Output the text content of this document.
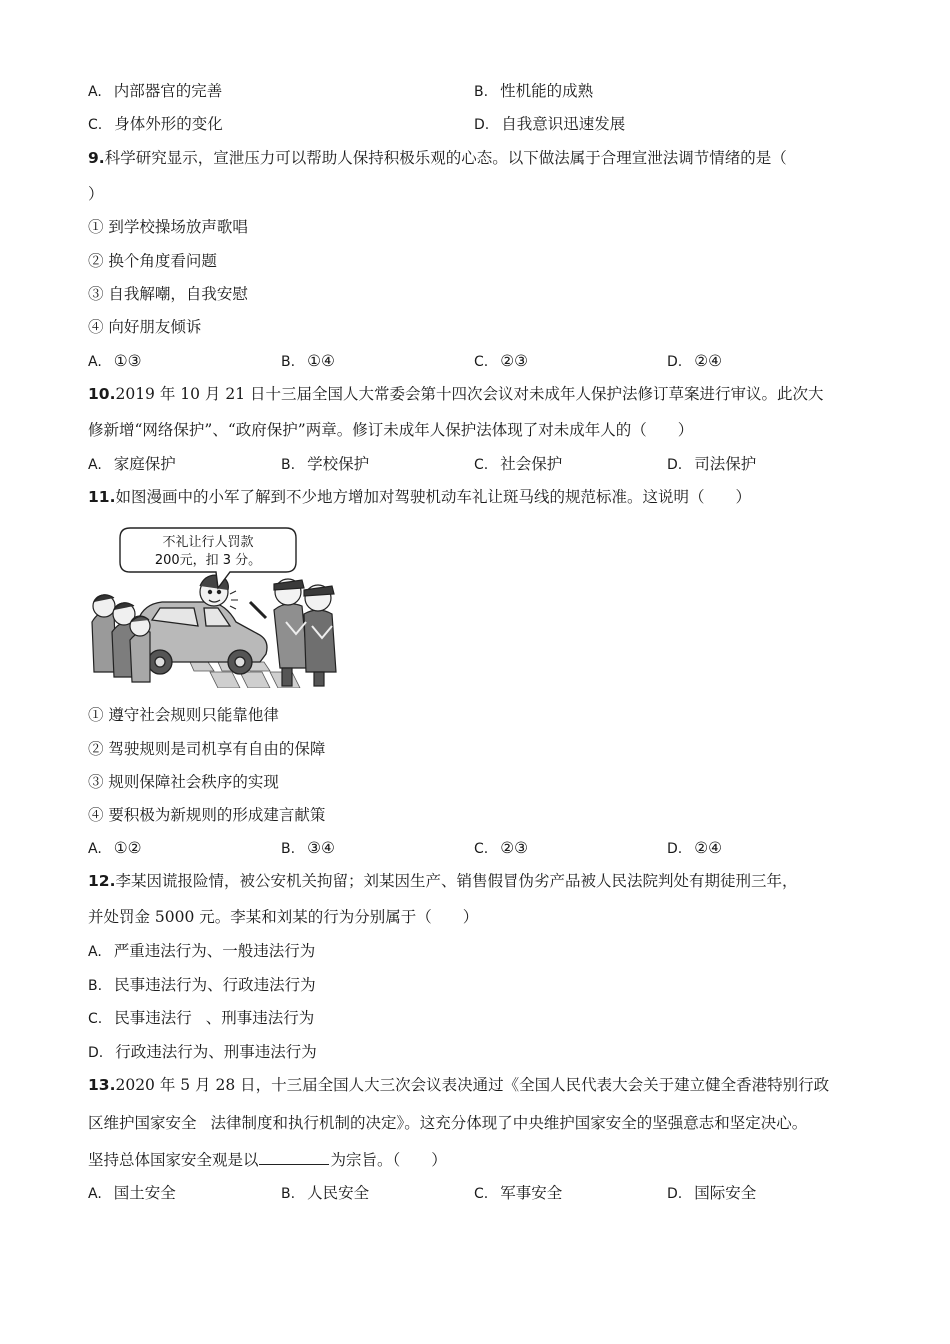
A. 内部器官的完善	B. 性机能的成熟
C. 身体外形的变化	D. 自我意识迅速发展
9.科学研究显示，宣泄压力可以帮助人保持积极乐观的心态。以下做法属于合理宣泄法调节情绪的是（
）
① 到学校操场放声歌唱
② 换个角度看问题
③ 自我解嘲，自我安慰
④ 向好朋友倾诉
A. ①③	B. ①④	C. ②③	D. ②④
10.2019 年 10 月 21 日十三届全国人大常委会第十四次会议对未成年人保护法修订草案进行审议。此次大
修新增“网络保护”、“政府保护”两章。修订未成年人保护法体现了对未成年人的（　　）
A. 家庭保护	B. 学校保护	C. 社会保护	D. 司法保护
11.如图漫画中的小军了解到不少地方增加对驾驶机动车礼让斑马线的规范标准。这说明（　　）
不礼让行人罚款
200元，扣 3 分。
① 遵守社会规则只能靠他律
② 驾驶规则是司机享有自由的保障
③ 规则保障社会秩序的实现
④ 要积极为新规则的形成建言献策
A. ①②	B. ③④	C. ②③	D. ②④
12.李某因谎报险情，被公安机关拘留；刘某因生产、销售假冒伪劣产品被人民法院判处有期徒刑三年，
并处罚金 5000 元。李某和刘某的行为分别属于（　　）
A. 严重违法行为、一般违法行为
B. 民事违法行为、行政违法行为
C. 民事违法行 、刑事违法行为
D. 行政违法行为、刑事违法行为
13.2020 年 5 月 28 日，十三届全国人大三次会议表决通过《全国人民代表大会关于建立健全香港特别行政
区维护国家安全 法律制度和执行机制的决定》。这充分体现了中央维护国家安全的坚强意志和坚定决心。
坚持总体国家安全观是以	为宗旨。（　　）
A. 国土安全	B. 人民安全	C. 军事安全	D. 国际安全
